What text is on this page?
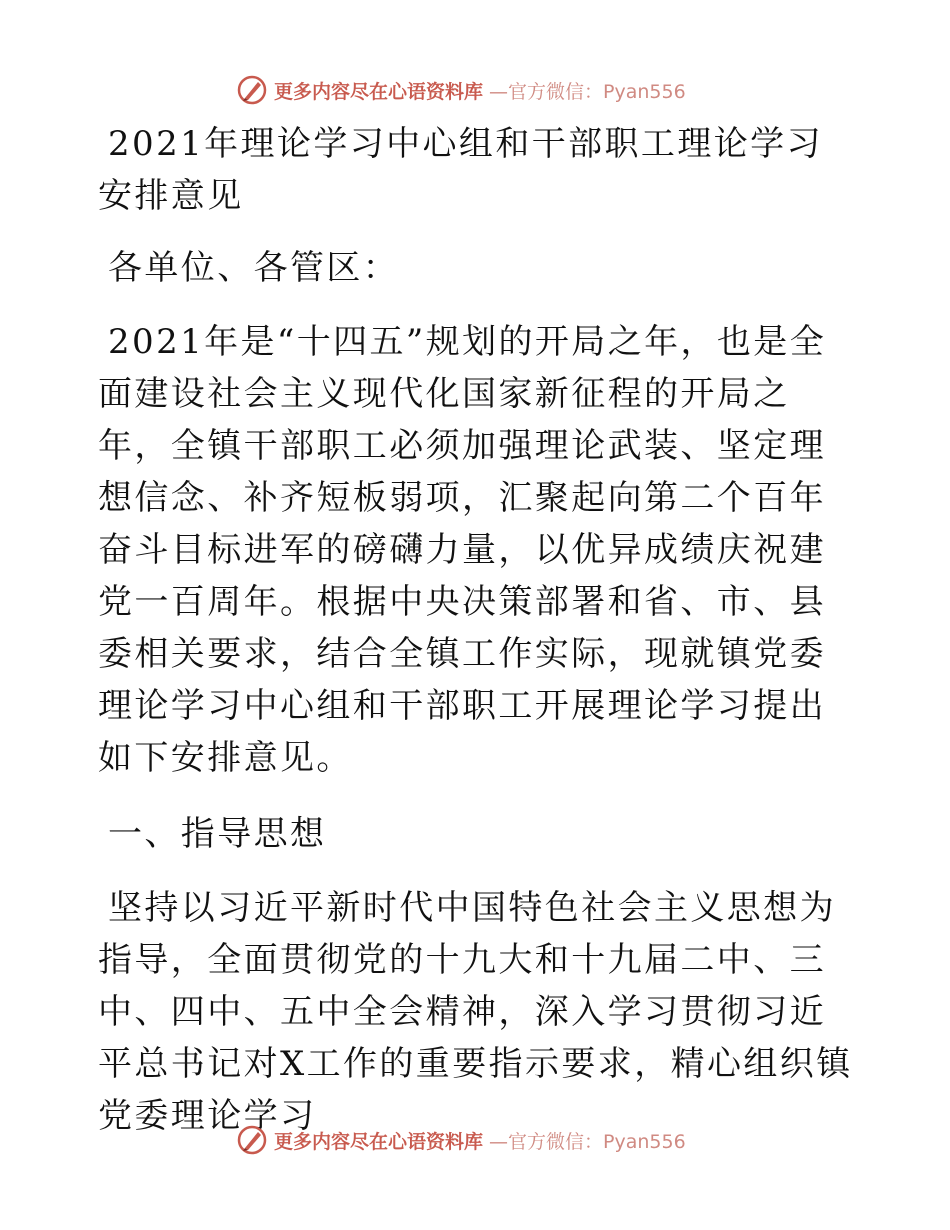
更多内容尽在心语资料库 —官方微信：Pyan556

2021年理论学习中心组和干部职工理论学习安排意见

各单位、各管区：

2021年是“十四五”规划的开局之年，也是全面建设社会主义现代化国家新征程的开局之年，全镇干部职工必须加强理论武装、坚定理想信念、补齐短板弱项，汇聚起向第二个百年奋斗目标进军的磅礴力量，以优异成绩庆祝建党一百周年。根据中央决策部署和省、市、县委相关要求，结合全镇工作实际，现就镇党委理论学习中心组和干部职工开展理论学习提出如下安排意见。

一、指导思想

坚持以习近平新时代中国特色社会主义思想为指导，全面贯彻党的十九大和十九届二中、三中、四中、五中全会精神，深入学习贯彻习近平总书记对X工作的重要指示要求，精心组织镇党委理论学习

更多内容尽在心语资料库 —官方微信：Pyan556
